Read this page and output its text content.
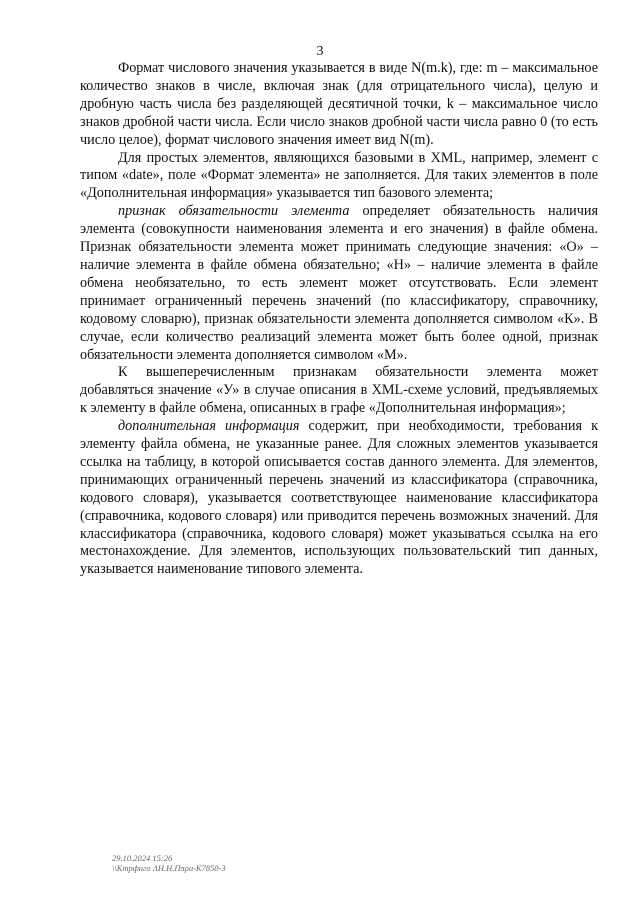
3

Формат числового значения указывается в виде N(m.k), где: m – максимальное количество знаков в числе, включая знак (для отрицательного числа), целую и дробную часть числа без разделяющей десятичной точки, k – максимальное число знаков дробной части числа. Если число знаков дробной части числа равно 0 (то есть число целое), формат числового значения имеет вид N(m).

Для простых элементов, являющихся базовыми в XML, например, элемент с типом «date», поле «Формат элемента» не заполняется. Для таких элементов в поле «Дополнительная информация» указывается тип базового элемента;

признак обязательности элемента определяет обязательность наличия элемента (совокупности наименования элемента и его значения) в файле обмена. Признак обязательности элемента может принимать следующие значения: «О» – наличие элемента в файле обмена обязательно; «Н» – наличие элемента в файле обмена необязательно, то есть элемент может отсутствовать. Если элемент принимает ограниченный перечень значений (по классификатору, справочнику, кодовому словарю), признак обязательности элемента дополняется символом «К». В случае, если количество реализаций элемента может быть более одной, признак обязательности элемента дополняется символом «М».

К вышеперечисленным признакам обязательности элемента может добавляться значение «У» в случае описания в XML-схеме условий, предъявляемых к элементу в файле обмена, описанных в графе «Дополнительная информация»;

дополнительная информация содержит, при необходимости, требования к элементу файла обмена, не указанные ранее. Для сложных элементов указывается ссылка на таблицу, в которой описывается состав данного элемента. Для элементов, принимающих ограниченный перечень значений из классификатора (справочника, кодового словаря), указывается соответствующее наименование классификатора (справочника, кодового словаря) или приводится перечень возможных значений. Для классификатора (справочника, кодового словаря) может указываться ссылка на его местонахождение. Для элементов, использующих пользовательский тип данных, указывается наименование типового элемента.

29.10.2024 15:26
\\Ктрфнго ΛН.Η.Ππρи-К7850-3
